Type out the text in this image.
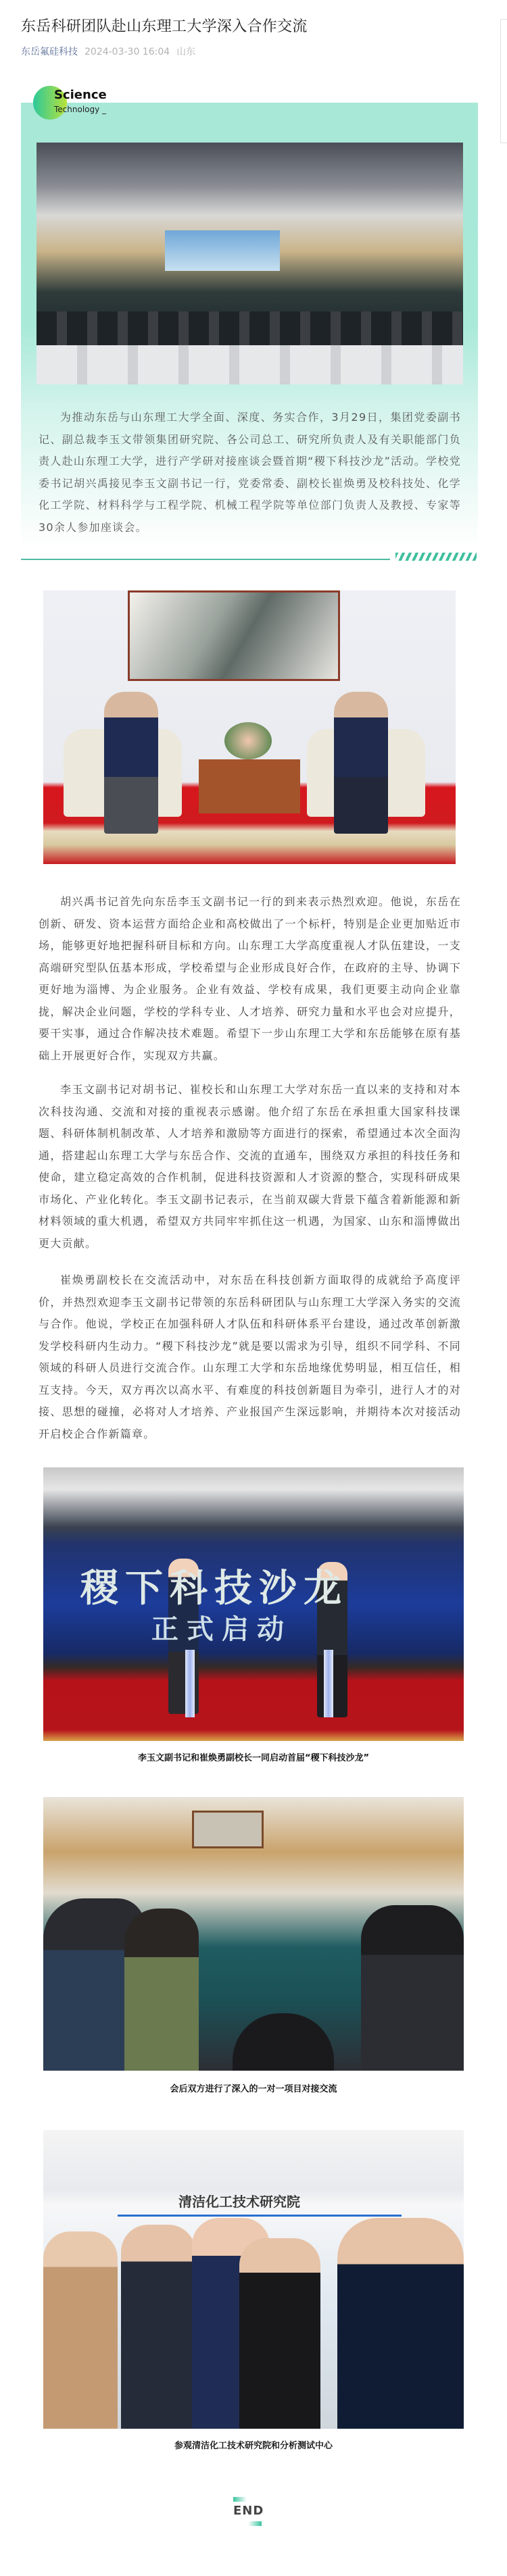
东岳科研团队赴山东理工大学深入合作交流
东岳氟硅科技 2024-03-30 16:04 山东
Science
Technology _

为推动东岳与山东理工大学全面、深度、务实合作，3月29日，集团党委副书记、副总裁李玉文带领集团研究院、各公司总工、研究所负责人及有关职能部门负责人赴山东理工大学，进行产学研对接座谈会暨首期“稷下科技沙龙”活动。学校党委书记胡兴禹接见李玉文副书记一行，党委常委、副校长崔焕勇及校科技处、化学化工学院、材料科学与工程学院、机械工程学院等单位部门负责人及教授、专家等30余人参加座谈会。

胡兴禹书记首先向东岳李玉文副书记一行的到来表示热烈欢迎。他说，东岳在创新、研发、资本运营方面给企业和高校做出了一个标杆，特别是企业更加贴近市场，能够更好地把握科研目标和方向。山东理工大学高度重视人才队伍建设，一支高端研究型队伍基本形成，学校希望与企业形成良好合作，在政府的主导、协调下更好地为淄博、为企业服务。企业有效益、学校有成果，我们更要主动向企业靠拢，解决企业问题，学校的学科专业、人才培养、研究力量和水平也会对应提升，要干实事，通过合作解决技术难题。希望下一步山东理工大学和东岳能够在原有基础上开展更好合作，实现双方共赢。

李玉文副书记对胡书记、崔校长和山东理工大学对东岳一直以来的支持和对本次科技沟通、交流和对接的重视表示感谢。他介绍了东岳在承担重大国家科技课题、科研体制机制改革、人才培养和激励等方面进行的探索，希望通过本次全面沟通，搭建起山东理工大学与东岳合作、交流的直通车，围绕双方承担的科技任务和使命，建立稳定高效的合作机制，促进科技资源和人才资源的整合，实现科研成果市场化、产业化转化。李玉文副书记表示，在当前双碳大背景下蕴含着新能源和新材料领域的重大机遇，希望双方共同牢牢抓住这一机遇，为国家、山东和淄博做出更大贡献。

崔焕勇副校长在交流活动中，对东岳在科技创新方面取得的成就给予高度评价，并热烈欢迎李玉文副书记带领的东岳科研团队与山东理工大学深入务实的交流与合作。他说，学校正在加强科研人才队伍和科研体系平台建设，通过改革创新激发学校科研内生动力。“稷下科技沙龙”就是要以需求为引导，组织不同学科、不同领域的科研人员进行交流合作。山东理工大学和东岳地缘优势明显，相互信任，相互支持。今天，双方再次以高水平、有难度的科技创新题目为牵引，进行人才的对接、思想的碰撞，必将对人才培养、产业报国产生深远影响，并期待本次对接活动开启校企合作新篇章。

稷下科技沙龙
正式启动
李玉文副书记和崔焕勇副校长一同启动首届“稷下科技沙龙”
会后双方进行了深入的一对一项目对接交流
清洁化工技术研究院
参观清洁化工技术研究院和分析测试中心
END
